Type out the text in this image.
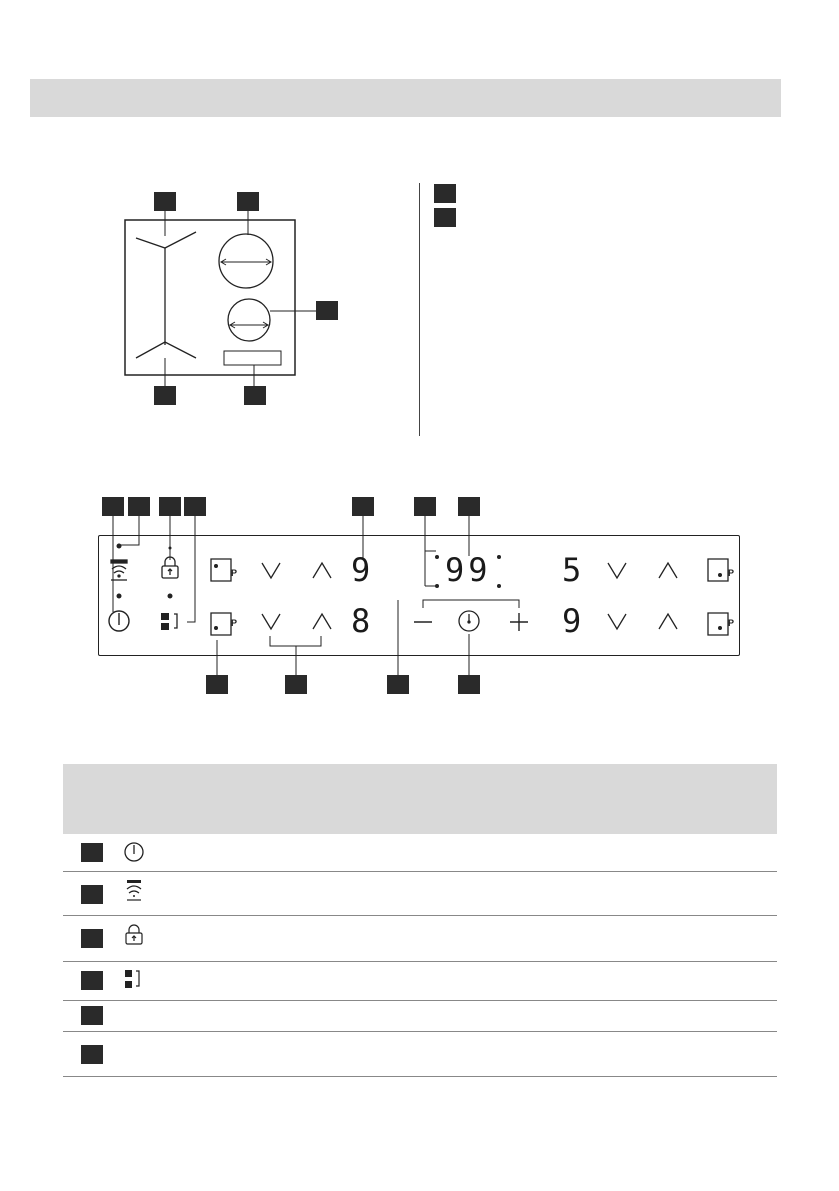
P
P
P
P
9
8
99 5
9
